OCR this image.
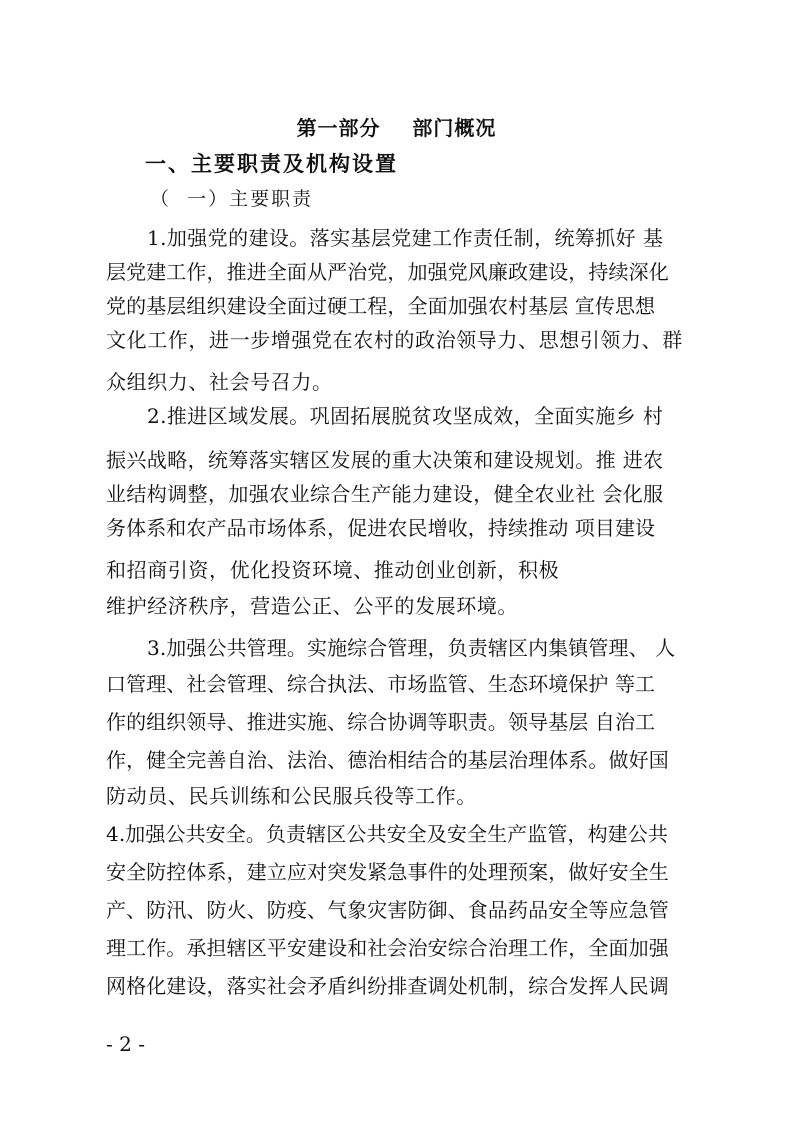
第一部分    部门概况
一、主要职责及机构设置
（  一）主要职责
1.加强党的建设。落实基层党建工作责任制，统筹抓好 基
层党建工作，推进全面从严治党，加强党风廉政建设，持续深化
党的基层组织建设全面过硬工程，全面加强农村基层 宣传思想
文化工作，进一步增强党在农村的政治领导力、思想引领力、群
众组织力、社会号召力。
2.推进区域发展。巩固拓展脱贫攻坚成效，全面实施乡 村
振兴战略，统筹落实辖区发展的重大决策和建设规划。推 进农
业结构调整，加强农业综合生产能力建设，健全农业社 会化服
务体系和农产品市场体系，促进农民增收，持续推动 项目建设
和招商引资，优化投资环境、推动创业创新，积极
维护经济秩序，营造公正、公平的发展环境。
3.加强公共管理。实施综合管理，负责辖区内集镇管理、 人
口管理、社会管理、综合执法、市场监管、生态环境保护 等工
作的组织领导、推进实施、综合协调等职责。领导基层 自治工
作，健全完善自治、法治、德治相结合的基层治理体系。做好国
防动员、民兵训练和公民服兵役等工作。
4.加强公共安全。负责辖区公共安全及安全生产监管，构建公共
安全防控体系，建立应对突发紧急事件的处理预案，做好安全生
产、防汛、防火、防疫、气象灾害防御、食品药品安全等应急管
理工作。承担辖区平安建设和社会治安综合治理工作，全面加强
网格化建设，落实社会矛盾纠纷排查调处机制，综合发挥人民调
- 2 -
